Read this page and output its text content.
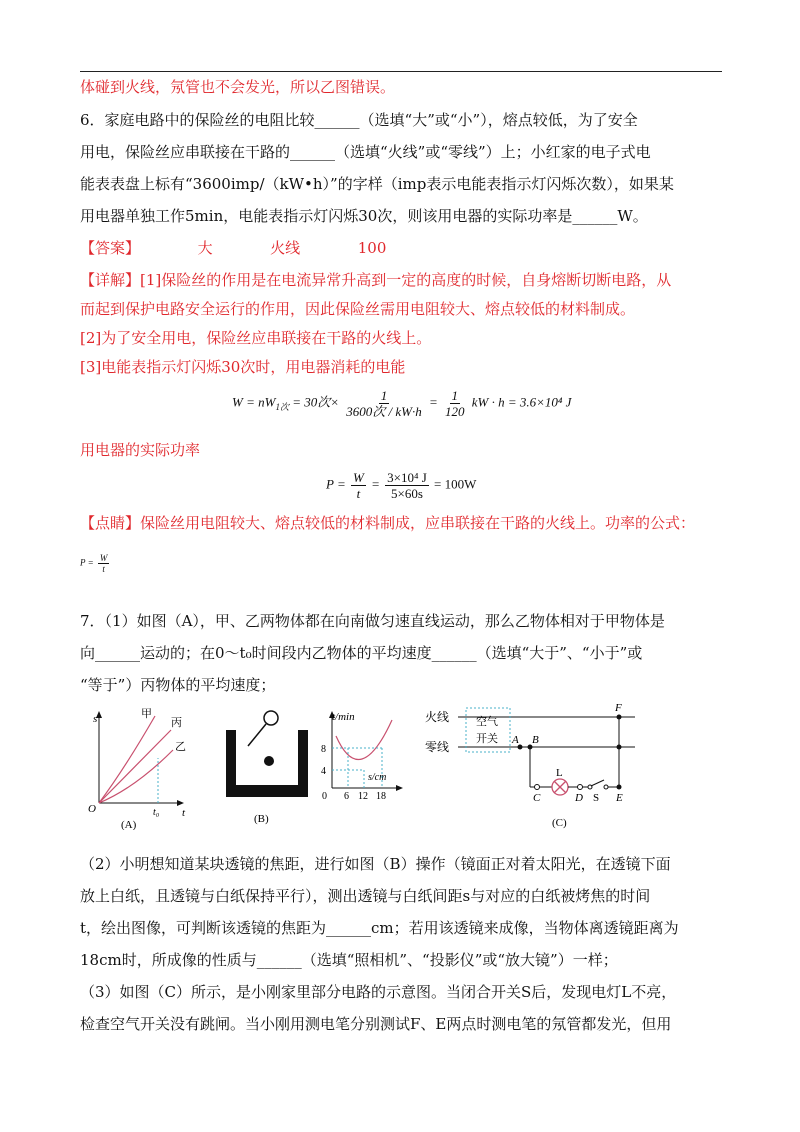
体碰到火线，氖管也不会发光，所以乙图错误。
6．家庭电路中的保险丝的电阻比较______（选填“大”或“小”），熔点较低，为了安全
用电，保险丝应串联接在干路的______（选填“火线”或“零线”）上；小红家的电子式电
能表表盘上标有“3600imp/（kW•h）”的字样（imp表示电能表指示灯闪烁次数），如果某
用电器单独工作5min，电能表指示灯闪烁30次，则该用电器的实际功率是______W。
【答案】	大	火线	100
【详解】[1]保险丝的作用是在电流异常升高到一定的高度的时候，自身熔断切断电路，从
而起到保护电路安全运行的作用，因此保险丝需用电阻较大、熔点较低的材料制成。
[2]为了安全用电，保险丝应串联接在干路的火线上。
[3]电能表指示灯闪烁30次时，用电器消耗的电能
$W = nW_{1次} = 30$次× $\frac{1}{\text{3600次 / kW·h}} = \frac{1}{120}$ kW · h = 3.6×10⁴ J
用电器的实际功率
$P = \frac{W}{t} = \frac{\text{3×10⁴ J}}{5\times 60s} = 100W$
【点睛】保险丝用电阻较大、熔点较低的材料制成，应串联接在干路的火线上。功率的公式：
$P = \frac{W}{t}$
7．（1）如图（A），甲、乙两物体都在向南做匀速直线运动，那么乙物体相对于甲物体是
向______运动的；在0～t₀时间段内乙物体的平均速度______（选填“大于”、“小于”或
“等于”）丙物体的平均速度；
s
t
O
甲
丙
乙
t₀
(A)	(B)
t/min
8
4
6 12 18
0
s/cm
火线
零线
空气
开关 A B
F
L
C	D S E
(C)
（2）小明想知道某块透镜的焦距，进行如图（B）操作（镜面正对着太阳光，在透镜下面
放上白纸，且透镜与白纸保持平行），测出透镜与白纸间距s与对应的白纸被烤焦的时间
t，绘出图像，可判断该透镜的焦距为______cm；若用该透镜来成像，当物体离透镜距离为
18cm时，所成像的性质与______（选填“照相机”、“投影仪”或“放大镜”）一样；
（3）如图（C）所示，是小刚家里部分电路的示意图。当闭合开关S后，发现电灯L不亮，
检查空气开关没有跳闸。当小刚用测电笔分别测试F、E两点时测电笔的氖管都发光，但用
